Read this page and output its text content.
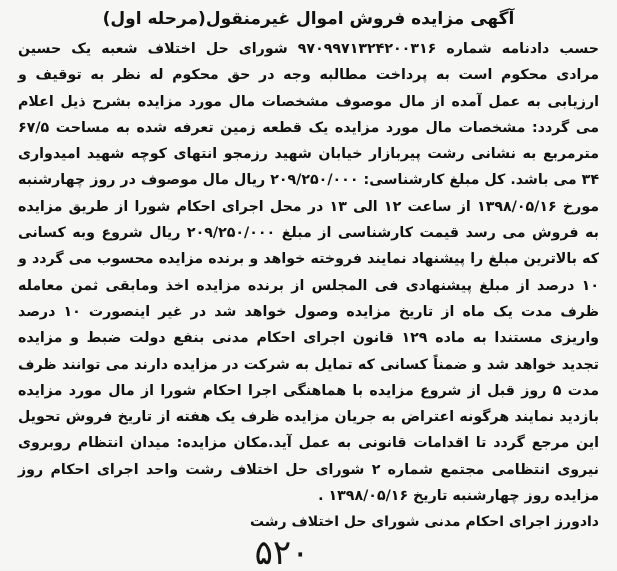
آگهی مزایده فروش اموال غیرمنقول(مرحله اول)

حسب دادنامه شماره ۹۷۰۹۹۷۱۳۲۴۲۰۰۳۱۶ شورای حل اختلاف شعبه یک حسین مرادی محکوم است به پرداخت مطالبه وجه در حق محکوم له نظر به توقیف و ارزیابی به عمل آمده از مال موصوف مشخصات مال مورد مزایده بشرح ذیل اعلام می گردد: مشخصات مال مورد مزایده یک قطعه زمین تعرفه شده به مساحت ۶۷/۵ مترمربع به نشانی رشت پیربازار خیابان شهید رزمجو انتهای کوچه شهید امیدواری ۳۴ می باشد. کل مبلغ کارشناسی: ۲۰۹/۲۵۰/۰۰۰ ریال مال موصوف در روز چهارشنبه مورخ ۱۳۹۸/۰۵/۱۶ از ساعت ۱۲ الی ۱۳ در محل اجرای احکام شورا از طریق مزایده به فروش می رسد قیمت کارشناسی از مبلغ ۲۰۹/۲۵۰/۰۰۰ ریال شروع وبه کسانی که بالاترین مبلغ را پیشنهاد نمایند فروخته خواهد و برنده مزایده محسوب می گردد و ۱۰ درصد از مبلغ پیشنهادی فی المجلس از برنده مزایده اخذ ومابقی ثمن معامله ظرف مدت یک ماه از تاریخ مزایده وصول خواهد شد در غیر اینصورت ۱۰ درصد واریزی مستندا به ماده ۱۲۹ قانون اجرای احکام مدنی بنفع دولت ضبط و مزایده تجدید خواهد شد و ضمناً کسانی که تمایل به شرکت در مزایده دارند می توانند ظرف مدت ۵ روز قبل از شروع مزایده با هماهنگی اجرا احکام شورا از مال مورد مزایده بازدید نمایند هرگونه اعتراض به جریان مزایده ظرف یک هفته از تاریخ فروش تحویل این مرجع گردد تا اقدامات قانونی به عمل آید.مکان مزایده: میدان انتظام روبروی نیروی انتظامی مجتمع شماره ۲ شورای حل اختلاف رشت واحد اجرای احکام روز مزایده روز چهارشنبه تاریخ ۱۳۹۸/۰۵/۱۶ .

دادورز اجرای احکام مدنی شورای حل اختلاف رشت
۵۲۰
